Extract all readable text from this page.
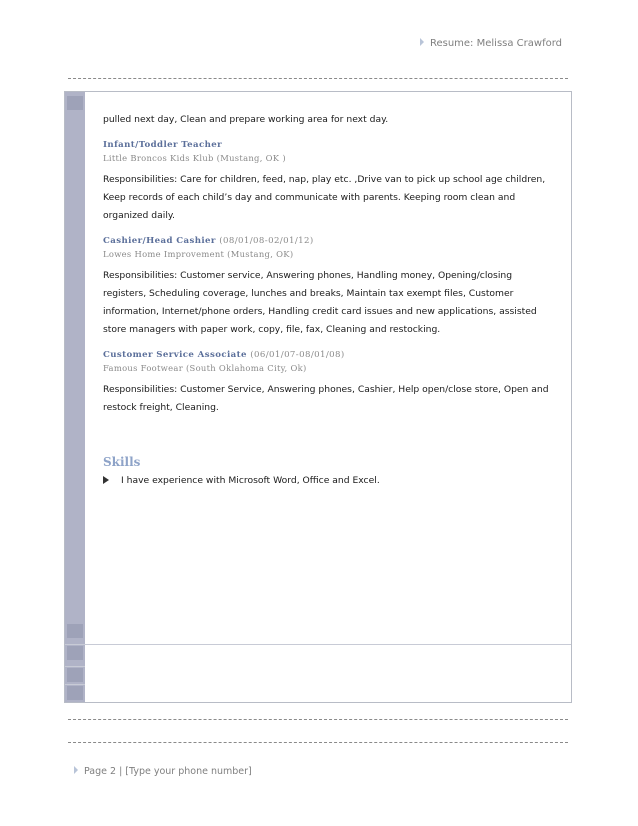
Resume: Melissa Crawford

pulled next day, Clean and prepare working area for next day.

Infant/Toddler Teacher
Little Broncos Kids Klub (Mustang, OK )

Responsibilities: Care for children, feed, nap, play etc. ,Drive van to pick up school age children, Keep records of each child’s day and communicate with parents. Keeping room clean and organized daily.

Cashier/Head Cashier (08/01/08-02/01/12)
Lowes Home Improvement (Mustang, OK)

Responsibilities: Customer service, Answering phones, Handling money, Opening/closing registers, Scheduling coverage, lunches and breaks, Maintain tax exempt files, Customer information, Internet/phone orders, Handling credit card issues and new applications, assisted store managers with paper work, copy, file, fax, Cleaning and restocking.

Customer Service Associate (06/01/07-08/01/08)
Famous Footwear (South Oklahoma City, Ok)

Responsibilities: Customer Service, Answering phones, Cashier, Help open/close store, Open and restock freight, Cleaning.

Skills
I have experience with Microsoft Word, Office and Excel.
Page 2 | [Type your phone number]
